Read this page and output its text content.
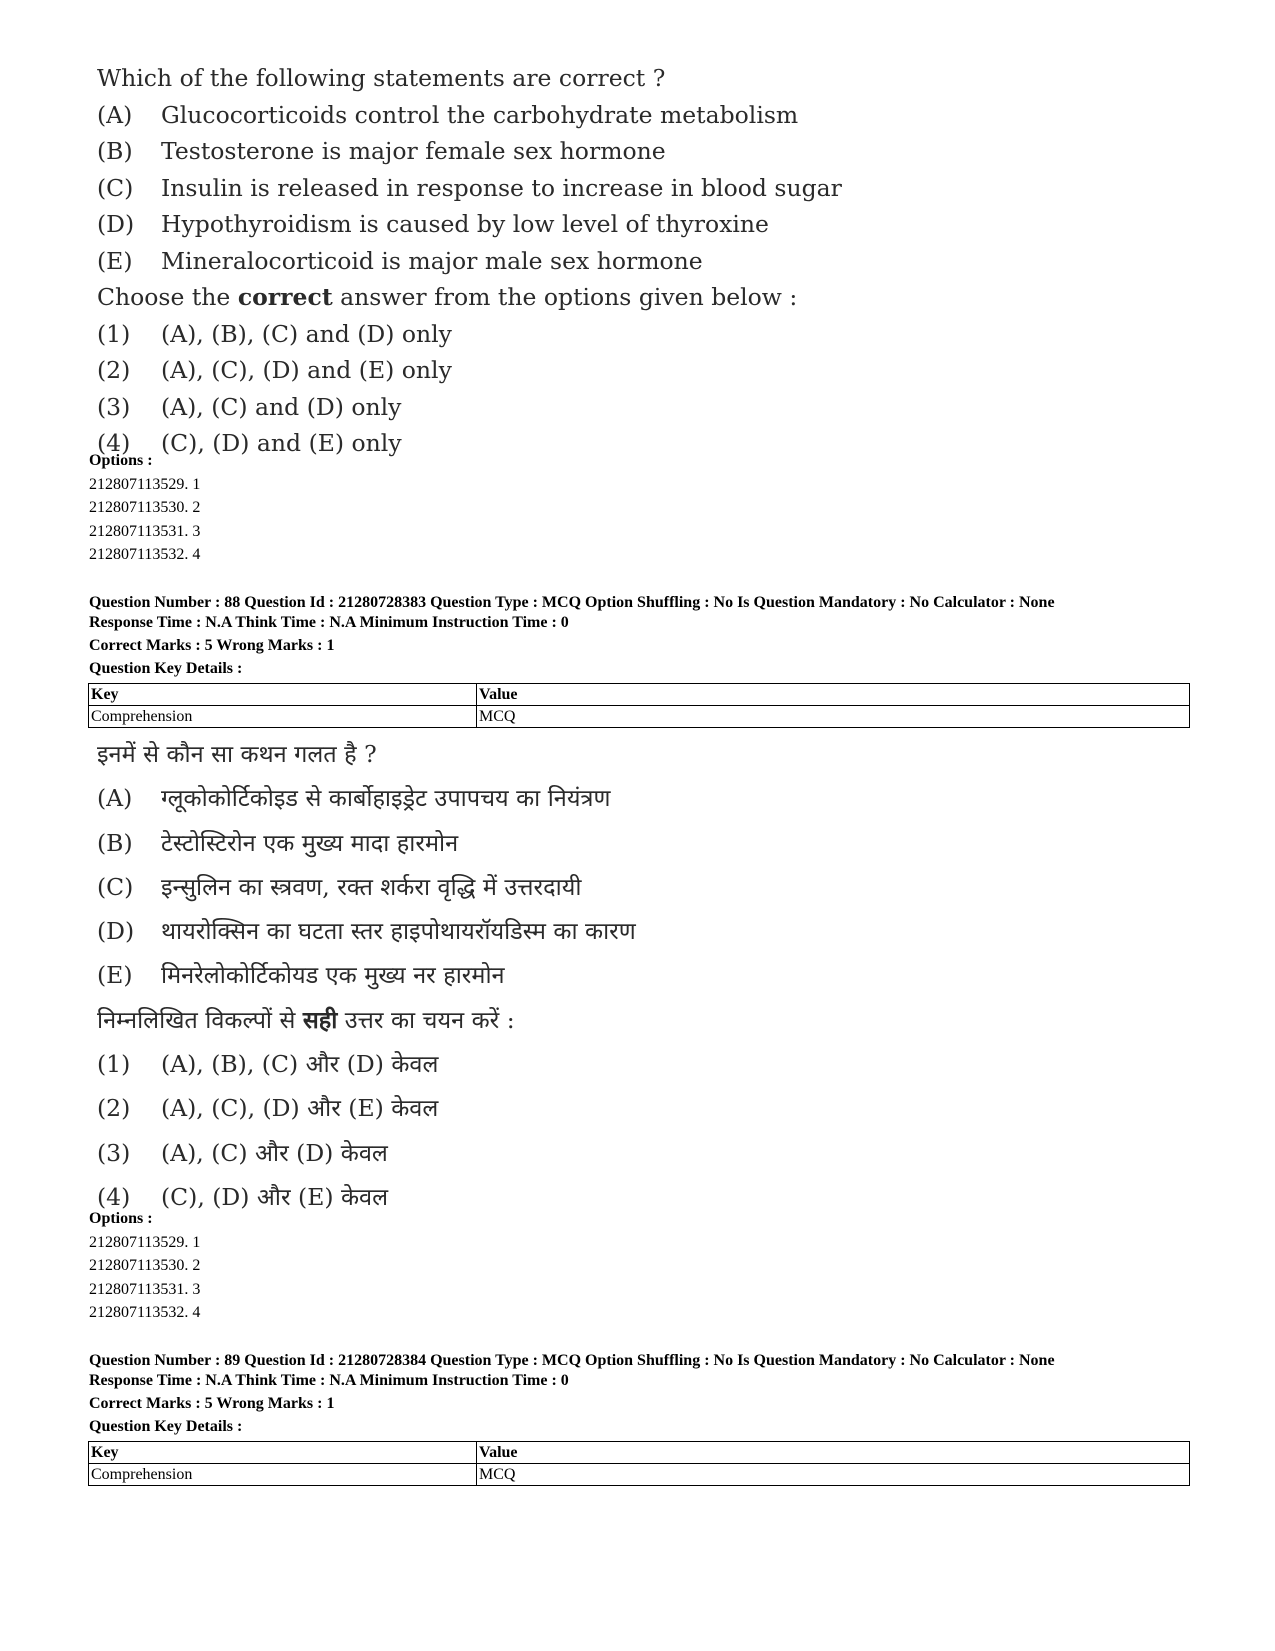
Which of the following statements are correct ?
(A)	Glucocorticoids control the carbohydrate metabolism
(B)	Testosterone is major female sex hormone
(C)	Insulin is released in response to increase in blood sugar
(D)	Hypothyroidism is caused by low level of thyroxine
(E)	Mineralocorticoid is major male sex hormone
Choose the correct answer from the options given below :
(1)	(A), (B), (C) and (D) only
(2)	(A), (C), (D) and (E) only
(3)	(A), (C) and (D) only
(4)	(C), (D) and (E) only
Options :
212807113529. 1
212807113530. 2
212807113531. 3
212807113532. 4
Question Number : 88 Question Id : 21280728383 Question Type : MCQ Option Shuffling : No Is Question Mandatory : No Calculator : None
Response Time : N.A Think Time : N.A Minimum Instruction Time : 0
Correct Marks : 5 Wrong Marks : 1
Question Key Details :
Key	Value
Comprehension	MCQ
इनमें से कौन सा कथन गलत है ?
(A)	ग्लूकोकोर्टिकोइड से कार्बोहाइड्रेट उपापचय का नियंत्रण
(B)	टेस्टोस्टिरोन एक मुख्य मादा हारमोन
(C)	इन्सुलिन का स्त्रवण, रक्त शर्करा वृद्धि में उत्तरदायी
(D)	थायरोक्सिन का घटता स्तर हाइपोथायरॉयडिस्म का कारण
(E)	मिनरेलोकोर्टिकोयड एक मुख्य नर हारमोन
निम्नलिखित विकल्पों से सही उत्तर का चयन करें :
(1)	(A), (B), (C) और (D) केवल
(2)	(A), (C), (D) और (E) केवल
(3)	(A), (C) और (D) केवल
(4)	(C), (D) और (E) केवल
Options :
212807113529. 1
212807113530. 2
212807113531. 3
212807113532. 4
Question Number : 89 Question Id : 21280728384 Question Type : MCQ Option Shuffling : No Is Question Mandatory : No Calculator : None
Response Time : N.A Think Time : N.A Minimum Instruction Time : 0
Correct Marks : 5 Wrong Marks : 1
Question Key Details :
Key	Value
Comprehension	MCQ
